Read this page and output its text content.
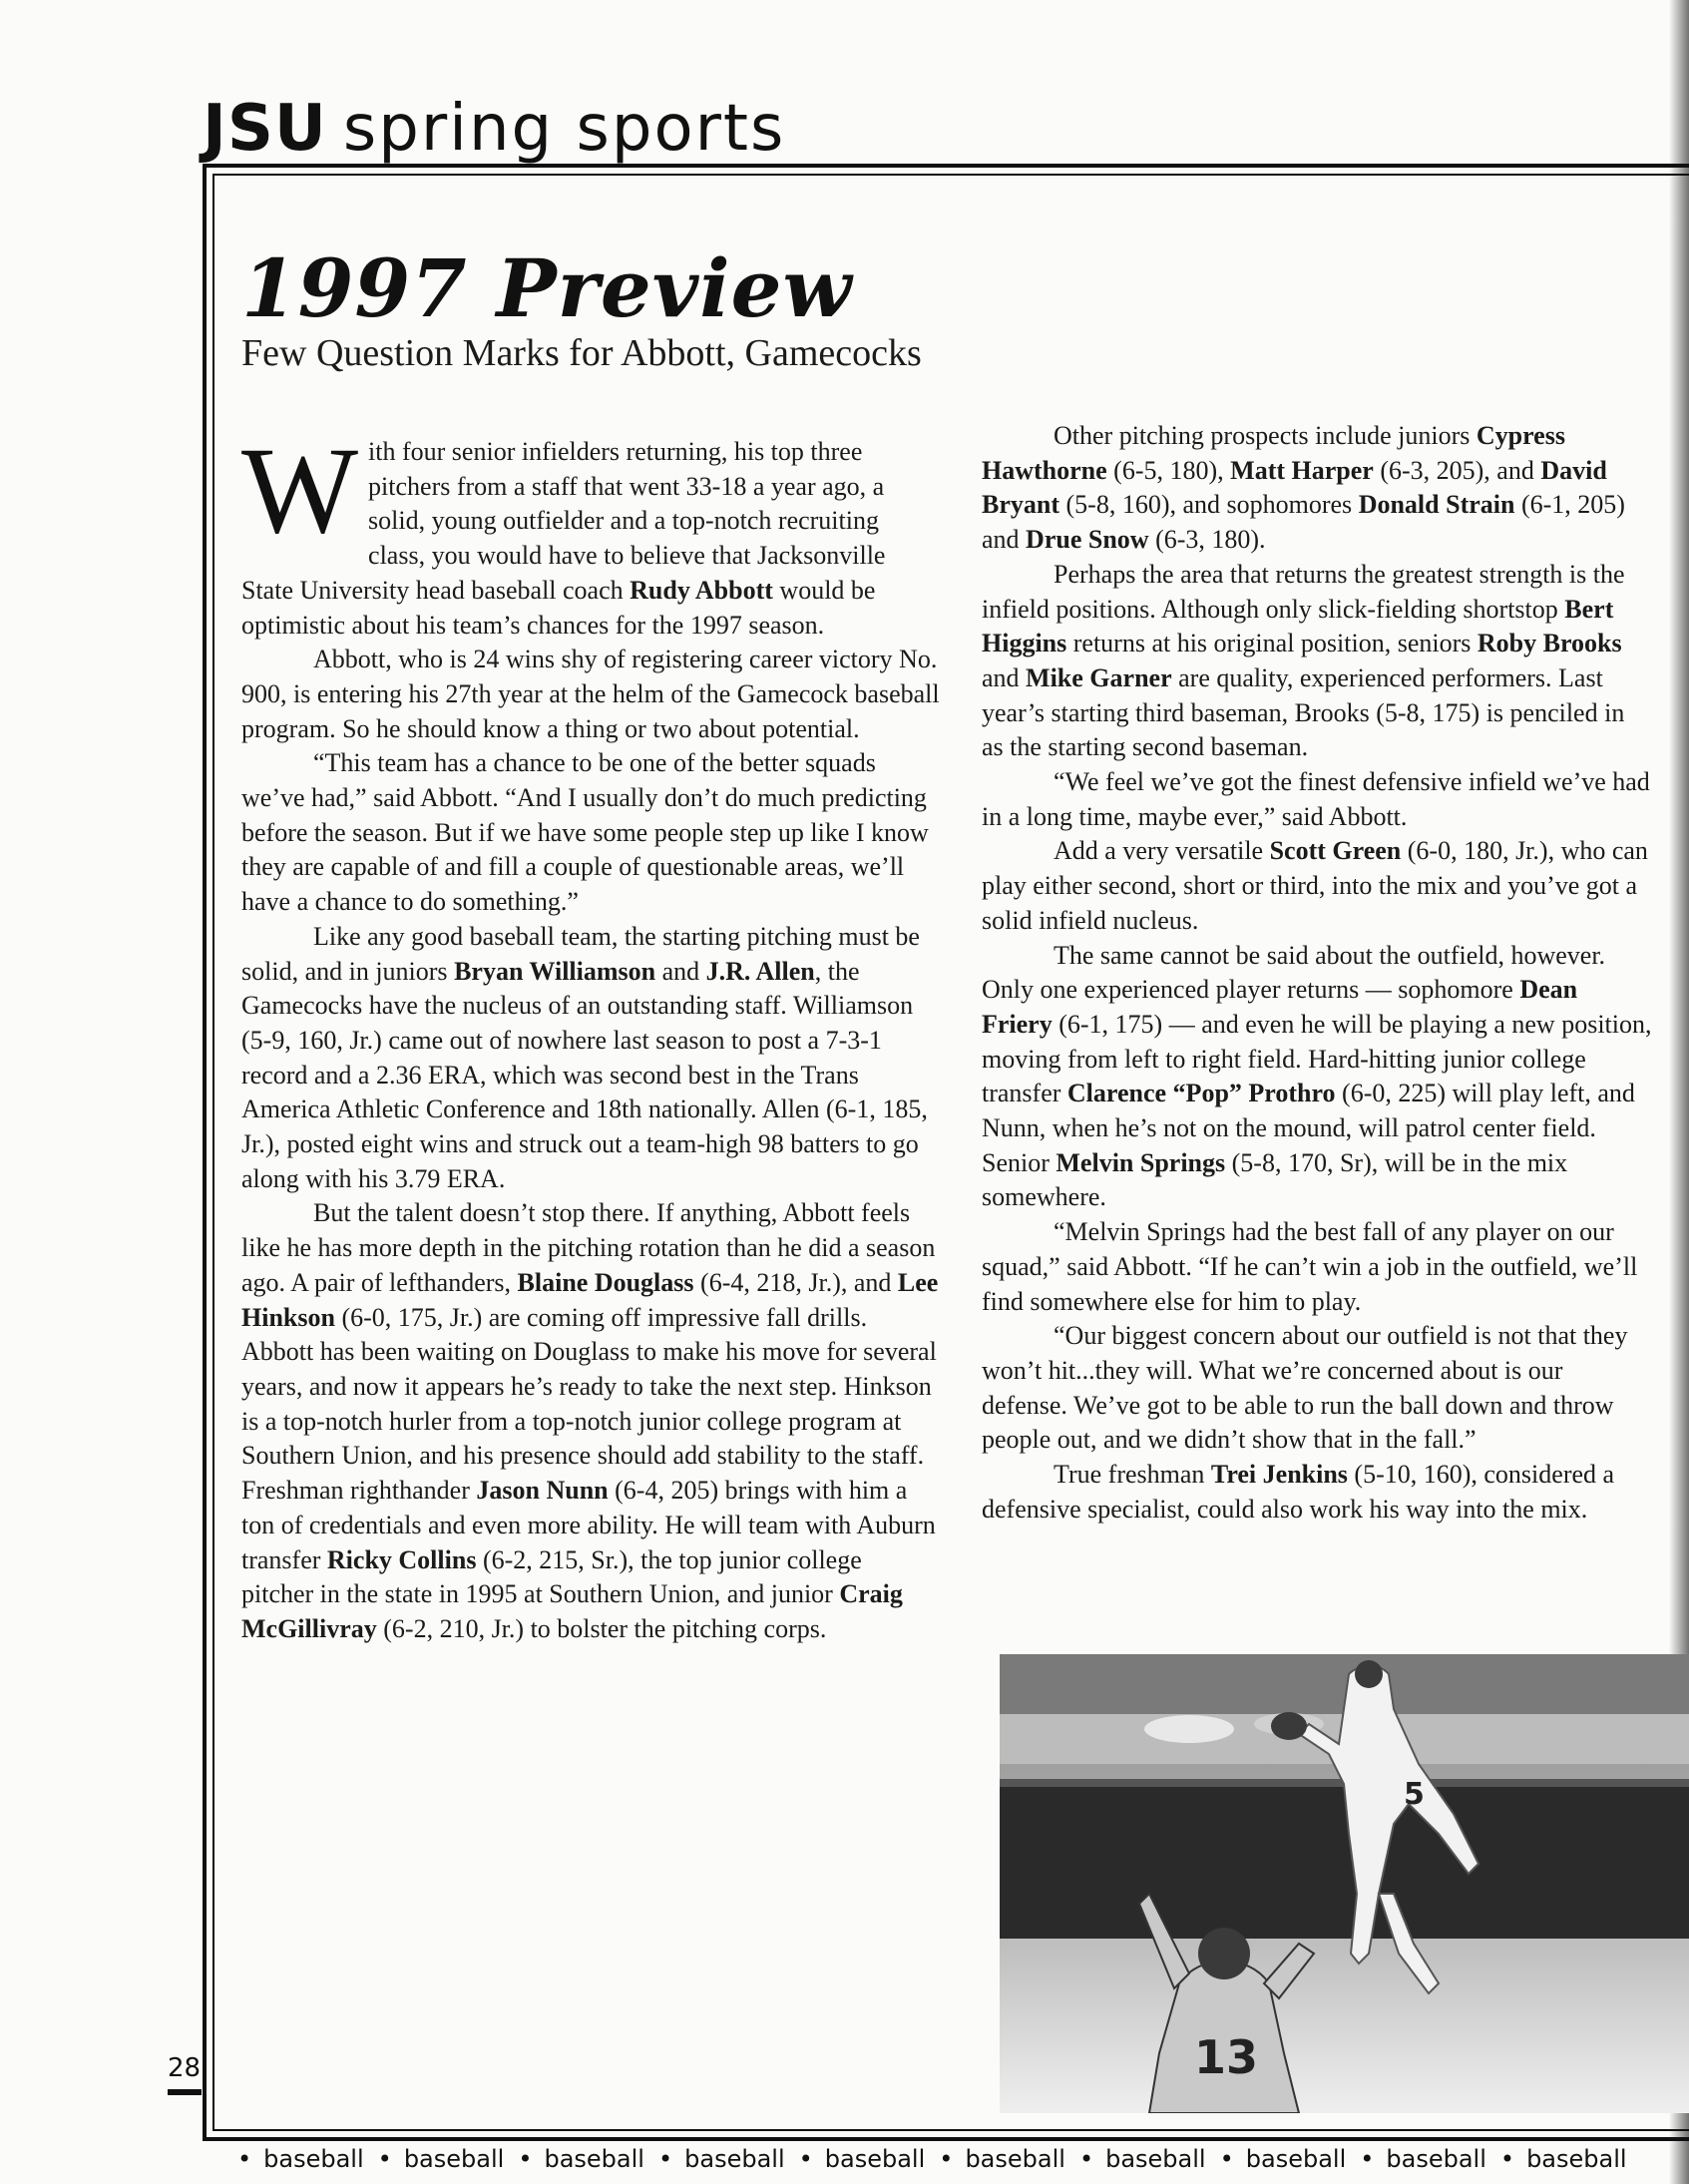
JSU spring sports
1997 Preview
Few Question Marks for Abbott, Gamecocks

With four senior infielders returning, his top three pitchers from a staff that went 33-18 a year ago, a solid, young outfielder and a top-notch recruiting class, you would have to believe that Jacksonville State University head baseball coach Rudy Abbott would be optimistic about his team’s chances for the 1997 season.

Abbott, who is 24 wins shy of registering career victory No. 900, is entering his 27th year at the helm of the Gamecock baseball program. So he should know a thing or two about potential.

“This team has a chance to be one of the better squads we’ve had,” said Abbott. “And I usually don’t do much predicting before the season. But if we have some people step up like I know they are capable of and fill a couple of questionable areas, we’ll have a chance to do something.”

Like any good baseball team, the starting pitching must be solid, and in juniors Bryan Williamson and J.R. Allen, the Gamecocks have the nucleus of an outstanding staff. Williamson (5-9, 160, Jr.) came out of nowhere last season to post a 7-3-1 record and a 2.36 ERA, which was second best in the Trans America Athletic Conference and 18th nationally. Allen (6-1, 185, Jr.), posted eight wins and struck out a team-high 98 batters to go along with his 3.79 ERA.

But the talent doesn’t stop there. If anything, Abbott feels like he has more depth in the pitching rotation than he did a season ago. A pair of lefthanders, Blaine Douglass (6-4, 218, Jr.), and Lee Hinkson (6-0, 175, Jr.) are coming off impressive fall drills. Abbott has been waiting on Douglass to make his move for several years, and now it appears he’s ready to take the next step. Hinkson is a top-notch hurler from a top-notch junior college program at Southern Union, and his presence should add stability to the staff. Freshman righthander Jason Nunn (6-4, 205) brings with him a ton of credentials and even more ability. He will team with Auburn transfer Ricky Collins (6-2, 215, Sr.), the top junior college pitcher in the state in 1995 at Southern Union, and junior Craig McGillivray (6-2, 210, Jr.) to bolster the pitching corps.

Other pitching prospects include juniors Cypress Hawthorne (6-5, 180), Matt Harper (6-3, 205), and David Bryant (5-8, 160), and sophomores Donald Strain (6-1, 205) and Drue Snow (6-3, 180).

Perhaps the area that returns the greatest strength is the infield positions. Although only slick-fielding shortstop Bert Higgins returns at his original position, seniors Roby Brooks and Mike Garner are quality, experienced performers. Last year’s starting third baseman, Brooks (5-8, 175) is penciled in as the starting second baseman.

“We feel we’ve got the finest defensive infield we’ve had in a long time, maybe ever,” said Abbott.

Add a very versatile Scott Green (6-0, 180, Jr.), who can play either second, short or third, into the mix and you’ve got a solid infield nucleus.

The same cannot be said about the outfield, however. Only one experienced player returns — sophomore Dean Friery (6-1, 175) — and even he will be playing a new position, moving from left to right field. Hard-hitting junior college transfer Clarence “Pop” Prothro (6-0, 225) will play left, and Nunn, when he’s not on the mound, will patrol center field. Senior Melvin Springs (5-8, 170, Sr), will be in the mix somewhere.

“Melvin Springs had the best fall of any player on our squad,” said Abbott. “If he can’t win a job in the outfield, we’ll find somewhere else for him to play.

“Our biggest concern about our outfield is not that they won’t hit...they will. What we’re concerned about is our defense. We’ve got to be able to run the ball down and throw people out, and we didn’t show that in the fall.”

True freshman Trei Jenkins (5-10, 160), considered a defensive specialist, could also work his way into the mix.

5
13
28
• baseball • baseball • baseball • baseball • baseball • baseball • baseball • baseball • baseball • baseball
